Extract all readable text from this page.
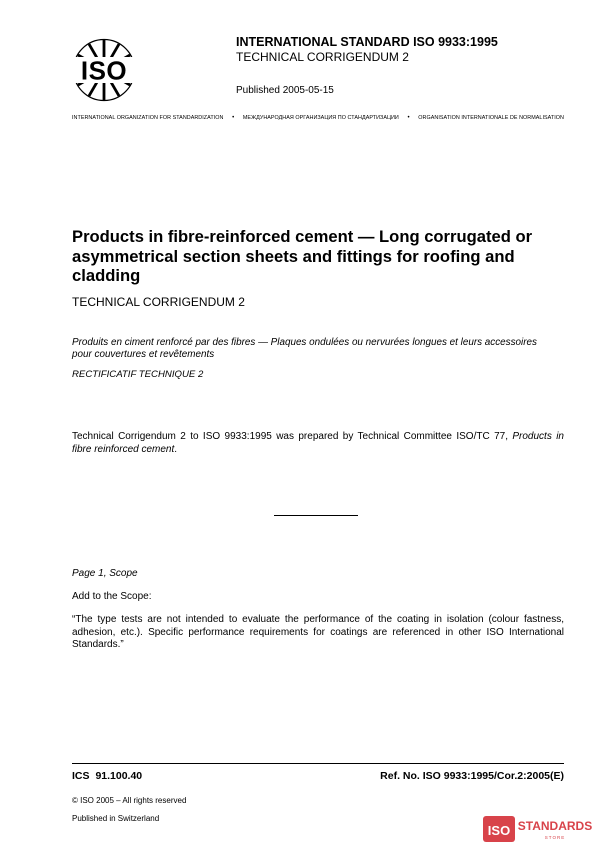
ISO
INTERNATIONAL STANDARD ISO 9933:1995
TECHNICAL CORRIGENDUM 2
Published 2005-05-15
INTERNATIONAL ORGANIZATION FOR STANDARDIZATION • МЕЖДУНАРОДНАЯ ОРГАНИЗАЦИЯ ПО СТАНДАРТИЗАЦИИ • ORGANISATION INTERNATIONALE DE NORMALISATION
Products in fibre-reinforced cement — Long corrugated or
asymmetrical section sheets and fittings for roofing and
cladding
TECHNICAL CORRIGENDUM 2
Produits en ciment renforcé par des fibres — Plaques ondulées ou nervurées longues et leurs accessoires
pour couvertures et revêtements
RECTIFICATIF TECHNIQUE 2
Technical Corrigendum 2 to ISO 9933:1995 was prepared by Technical Committee ISO/TC 77, Products in
fibre reinforced cement.
Page 1, Scope
Add to the Scope:
“The type tests are not intended to evaluate the performance of the coating in isolation (colour fastness,
adhesion, etc.). Specific performance requirements for coatings are referenced in other ISO International
Standards.”
ICS 91.100.40	Ref. No. ISO 9933:1995/Cor.2:2005(E)
© ISO 2005 – All rights reserved
Published in Switzerland
ISO STANDARDS
STORE
